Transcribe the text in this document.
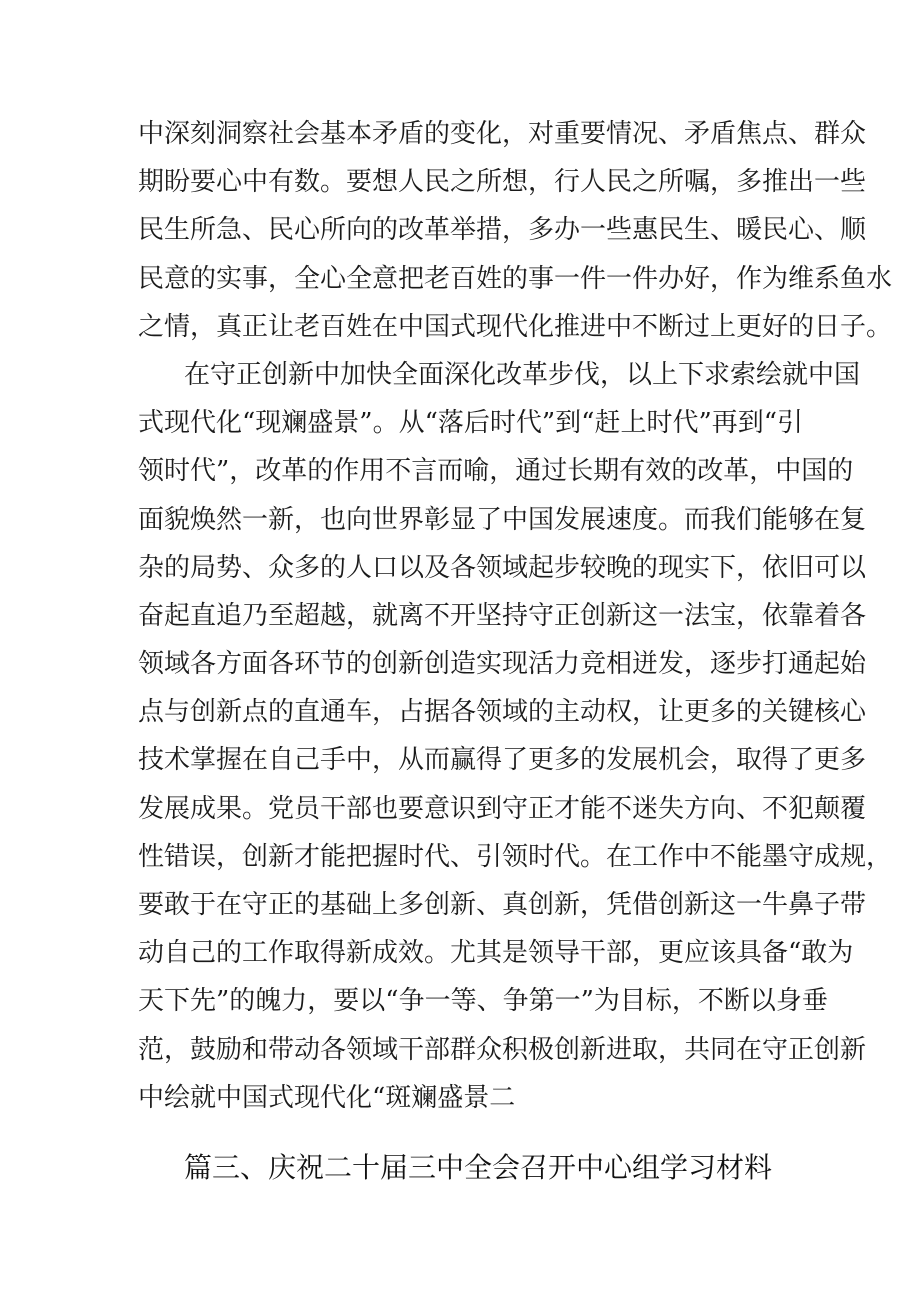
中深刻洞察社会基本矛盾的变化，对重要情况、矛盾焦点、群众
期盼要心中有数。要想人民之所想，行人民之所嘱，多推出一些
民生所急、民心所向的改革举措，多办一些惠民生、暖民心、顺
民意的实事，全心全意把老百姓的事一件一件办好，作为维系鱼水
之情，真正让老百姓在中国式现代化推进中不断过上更好的日子。
在守正创新中加快全面深化改革步伐，以上下求索绘就中国
式现代化“现斓盛景”。从“落后时代”到“赶上时代”再到“引
领时代”，改革的作用不言而喻，通过长期有效的改革，中国的
面貌焕然一新，也向世界彰显了中国发展速度。而我们能够在复
杂的局势、众多的人口以及各领域起步较晚的现实下，依旧可以
奋起直追乃至超越，就离不开坚持守正创新这一法宝，依靠着各
领域各方面各环节的创新创造实现活力竞相迸发，逐步打通起始
点与创新点的直通车，占据各领域的主动权，让更多的关键核心
技术掌握在自己手中，从而赢得了更多的发展机会，取得了更多
发展成果。党员干部也要意识到守正才能不迷失方向、不犯颠覆
性错误，创新才能把握时代、引领时代。在工作中不能墨守成规，
要敢于在守正的基础上多创新、真创新，凭借创新这一牛鼻子带
动自己的工作取得新成效。尤其是领导干部，更应该具备“敢为
天下先”的魄力，要以“争一等、争第一”为目标，不断以身垂
范，鼓励和带动各领域干部群众积极创新进取，共同在守正创新
中绘就中国式现代化“斑斓盛景二
篇三、庆祝二十届三中全会召开中心组学习材料
